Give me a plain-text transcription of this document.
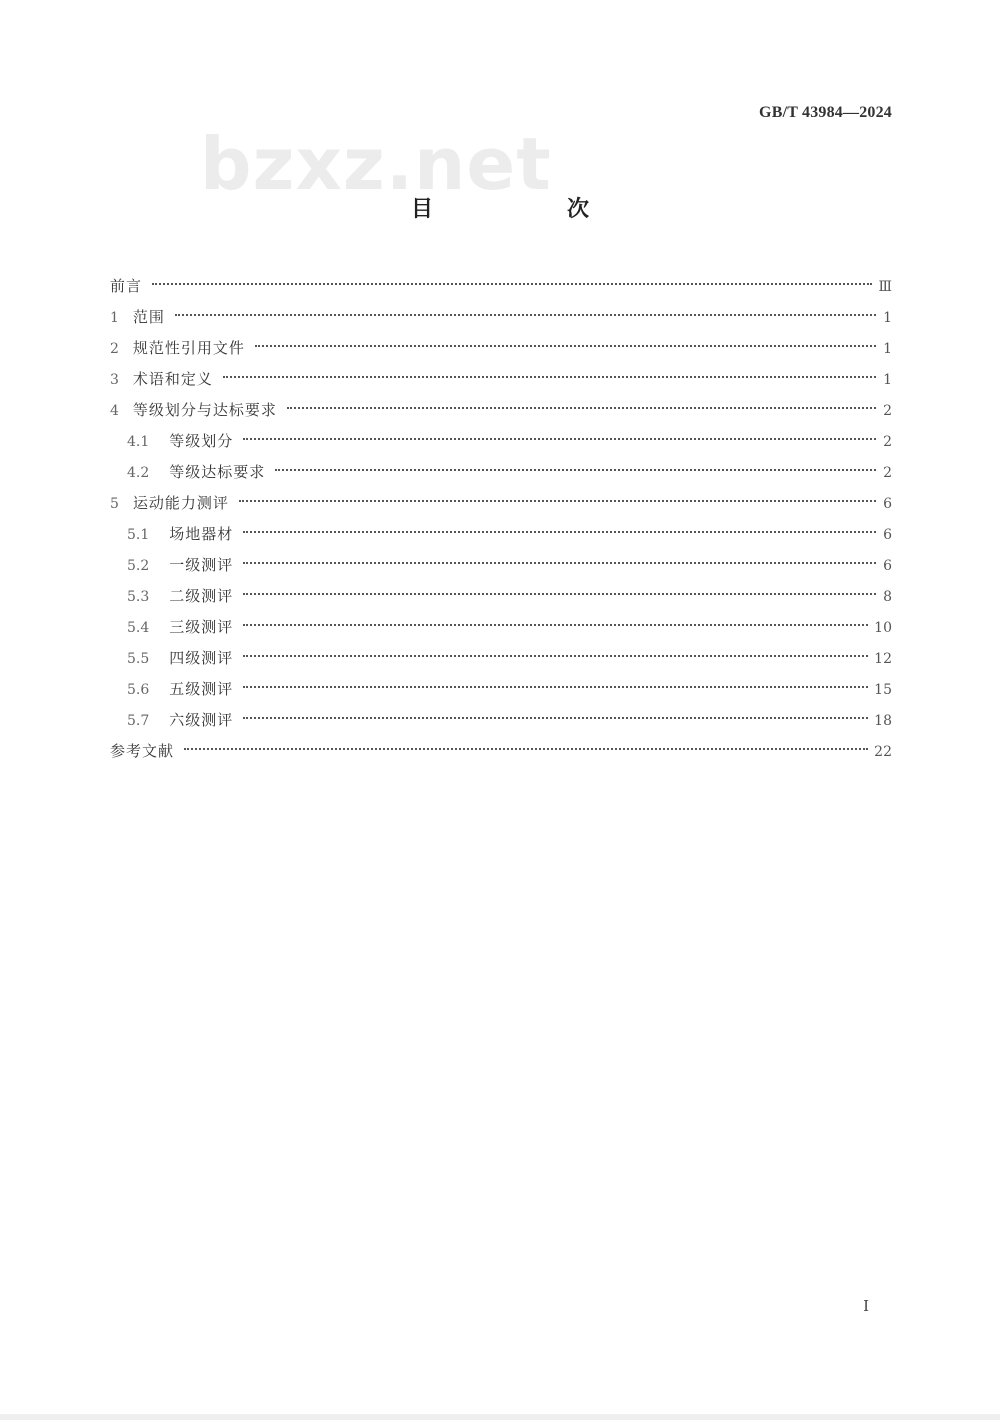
GB/T 43984—2024
bzxz.net
目　次
前言	Ⅲ
1 范围	1
2 规范性引用文件	1
3 术语和定义	1
4 等级划分与达标要求	2
4.1 等级划分	2
4.2 等级达标要求	2
5 运动能力测评	6
5.1 场地器材	6
5.2 一级测评	6
5.3 二级测评	8
5.4 三级测评	10
5.5 四级测评	12
5.6 五级测评	15
5.7 六级测评	18
参考文献	22
I
